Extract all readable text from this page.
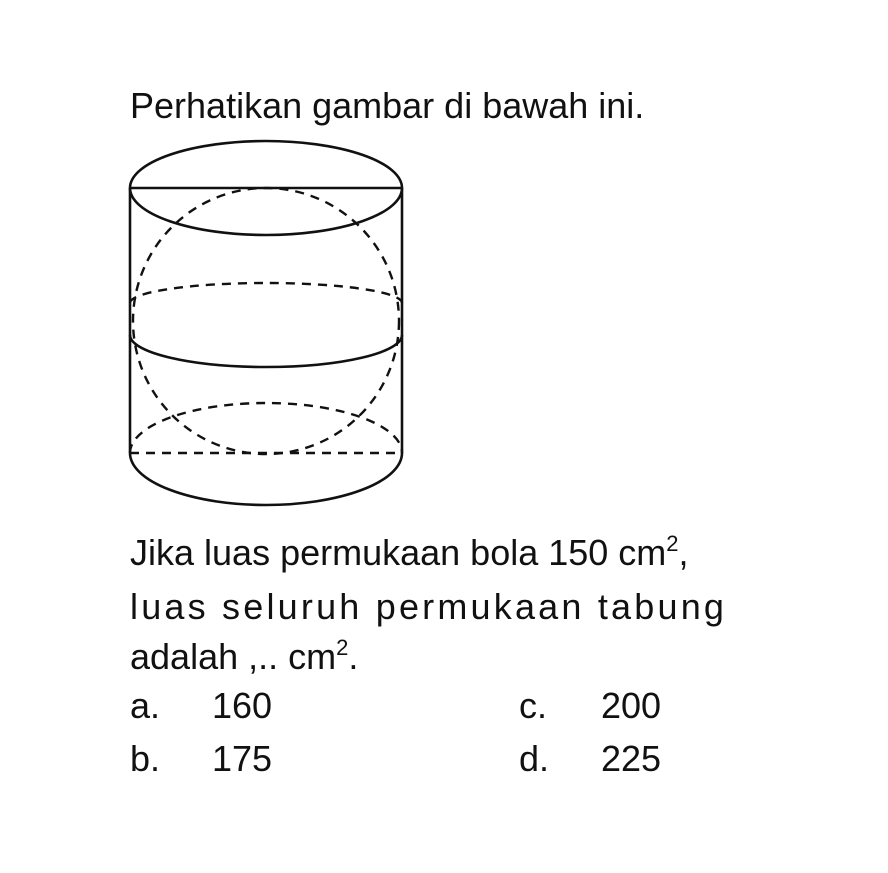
Perhatikan gambar di bawah ini.
Jika luas permukaan bola 150 $cm^2$,
luas seluruh permukaan tabung
adalah ,.. $cm^2$.
a. 160
b. 175
c. 200
d. 225
